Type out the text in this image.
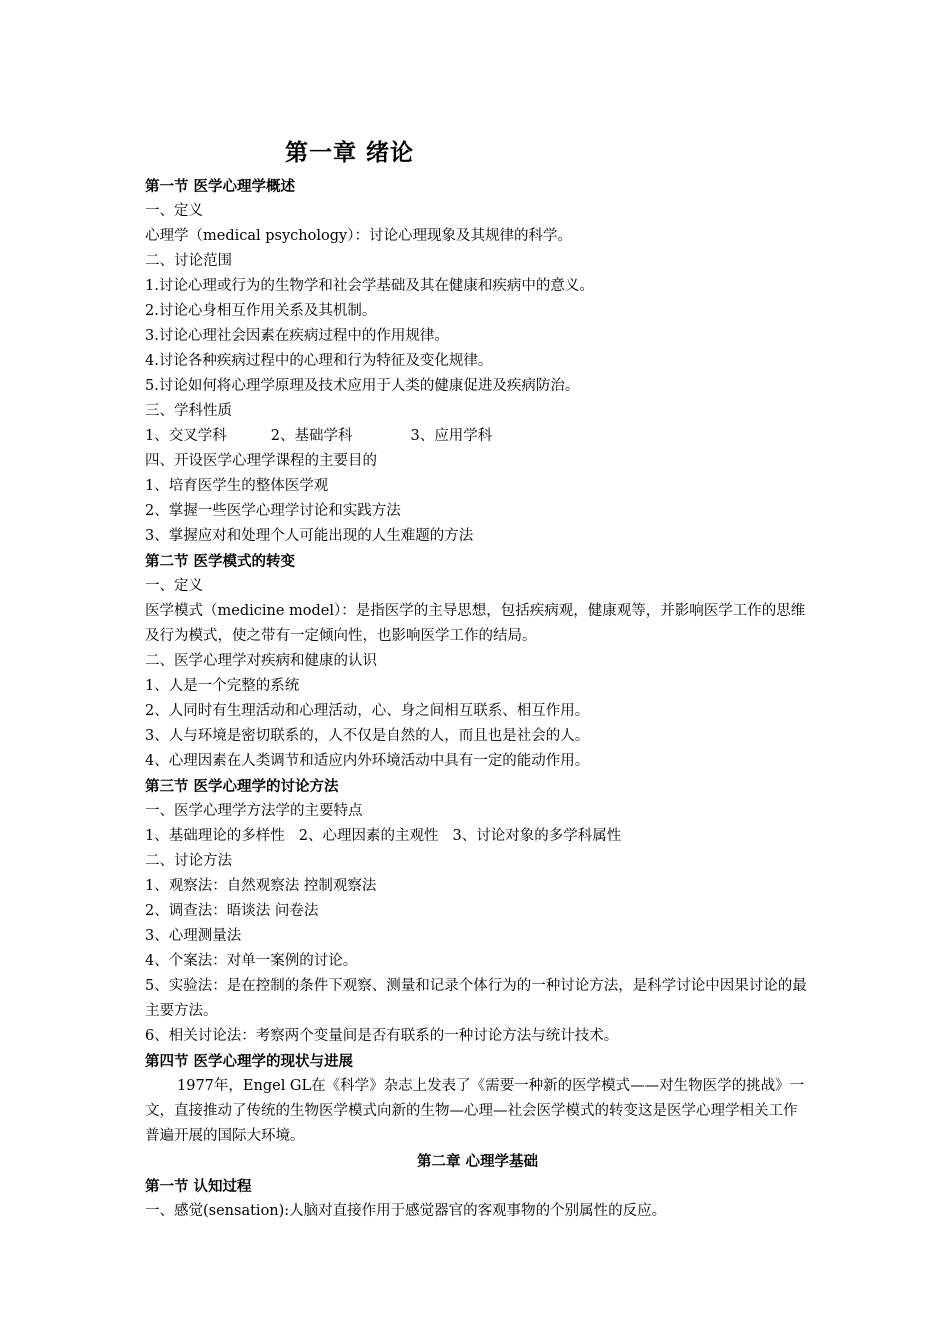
第一章 绪论
第一节 医学心理学概述
一、定义
心理学（medical psychology）：讨论心理现象及其规律的科学。
二、讨论范围
1.讨论心理或行为的生物学和社会学基础及其在健康和疾病中的意义。
2.讨论心身相互作用关系及其机制。
3.讨论心理社会因素在疾病过程中的作用规律。
4.讨论各种疾病过程中的心理和行为特征及变化规律。
5.讨论如何将心理学原理及技术应用于人类的健康促进及疾病防治。
三、学科性质
1、交叉学科	2、基础学科	3、应用学科
四、开设医学心理学课程的主要目的
1、培育医学生的整体医学观
2、掌握一些医学心理学讨论和实践方法
3、掌握应对和处理个人可能出现的人生难题的方法
第二节 医学模式的转变
一、定义
医学模式（medicine model）：是指医学的主导思想，包括疾病观，健康观等，并影响医学工作的思维及行为模式，使之带有一定倾向性，也影响医学工作的结局。
二、医学心理学对疾病和健康的认识
1、人是一个完整的系统
2、人同时有生理活动和心理活动，心、身之间相互联系、相互作用。
3、人与环境是密切联系的，人不仅是自然的人，而且也是社会的人。
4、心理因素在人类调节和适应内外环境活动中具有一定的能动作用。
第三节 医学心理学的讨论方法
一、医学心理学方法学的主要特点
1、基础理论的多样性 2、心理因素的主观性 3、讨论对象的多学科属性
二、讨论方法
1、观察法：自然观察法 控制观察法
2、调查法：晤谈法 问卷法
3、心理测量法
4、个案法：对单一案例的讨论。
5、实验法：是在控制的条件下观察、测量和记录个体行为的一种讨论方法，是科学讨论中因果讨论的最主要方法。
6、相关讨论法：考察两个变量间是否有联系的一种讨论方法与统计技术。
第四节 医学心理学的现状与进展
1977年，Engel GL在《科学》杂志上发表了《需要一种新的医学模式——对生物医学的挑战》一文，直接推动了传统的生物医学模式向新的生物—心理—社会医学模式的转变这是医学心理学相关工作普遍开展的国际大环境。
第二章 心理学基础
第一节 认知过程
一、感觉(sensation):人脑对直接作用于感觉器官的客观事物的个别属性的反应。
